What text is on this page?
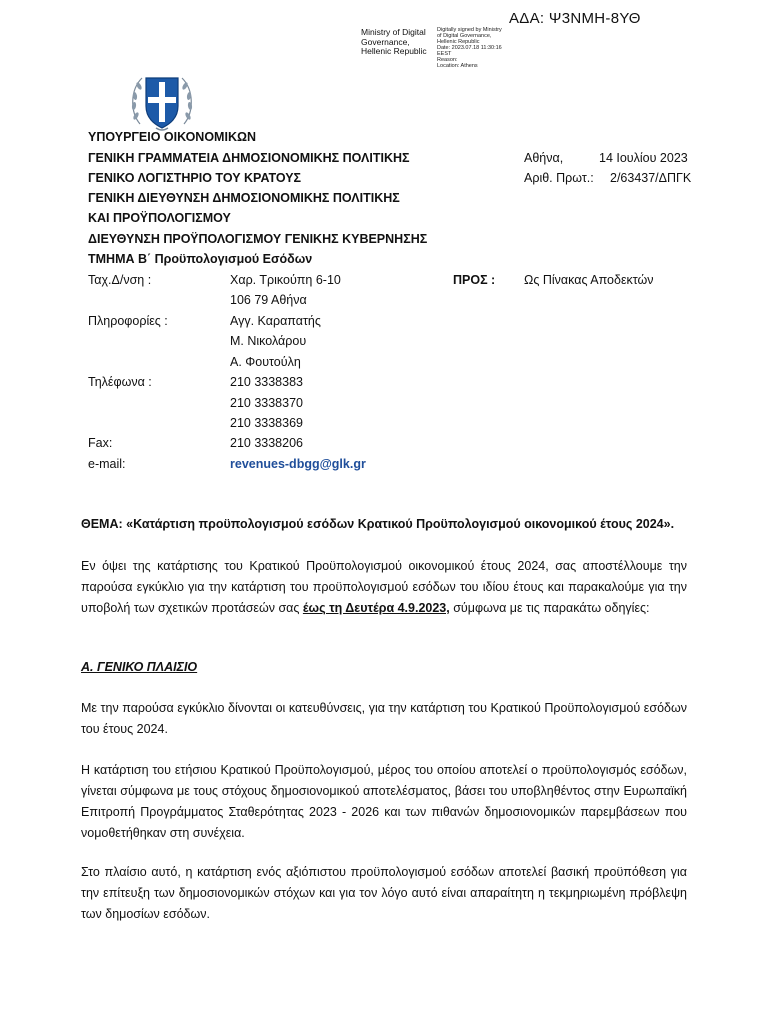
ΑΔΑ: Ψ3ΝΜΗ-8ΥΘ
Ministry of Digital
Governance,
Hellenic Republic
Digitally signed by Ministry
of Digital Governance,
Hellenic Republic
Date: 2023.07.18 11:30:16
EEST
Reason:
Location: Athens
ΥΠΟΥΡΓΕΙΟ ΟΙΚΟΝΟΜΙΚΩΝ
ΓΕΝΙΚΗ ΓΡΑΜΜΑΤΕΙΑ ΔΗΜΟΣΙΟΝΟΜΙΚΗΣ ΠΟΛΙΤΙΚΗΣ
ΓΕΝΙΚΟ ΛΟΓΙΣΤΗΡΙΟ ΤΟΥ ΚΡΑΤΟΥΣ
ΓΕΝΙΚΗ ΔΙΕΥΘΥΝΣΗ ΔΗΜΟΣΙΟΝΟΜΙΚΗΣ ΠΟΛΙΤΙΚΗΣ
ΚΑΙ ΠΡΟΫΠΟΛΟΓΙΣΜΟΥ
ΔΙΕΥΘΥΝΣΗ ΠΡΟΫΠΟΛΟΓΙΣΜΟΥ ΓΕΝΙΚΗΣ ΚΥΒΕΡΝΗΣΗΣ
ΤΜΗΜΑ Β΄ Προϋπολογισμού Εσόδων
Αθήνα,	14 Ιουλίου 2023
Αριθ. Πρωτ.: 2/63437/ΔΠΓΚ
Ταχ.Δ/νση :	Χαρ. Τρικούπη 6-10
106 79 Αθήνα
ΠΡΟΣ : Ως Πίνακας Αποδεκτών
Πληροφορίες :	Αγγ. Καραπατής
Μ. Νικολάρου
Α. Φουτούλη
Τηλέφωνα :	210 3338383
210 3338370
210 3338369
Fax:	210 3338206
e-mail:	revenues-dbgg@glk.gr
ΘΕΜΑ: «Κατάρτιση προϋπολογισμού εσόδων Κρατικού Προϋπολογισμού οικονομικού έτους 2024».
Εν όψει της κατάρτισης του Κρατικού Προϋπολογισμού οικονομικού έτους 2024, σας αποστέλλουμε την παρούσα εγκύκλιο για την κατάρτιση του προϋπολογισμού εσόδων του ιδίου έτους και παρακαλούμε για την υποβολή των σχετικών προτάσεών σας έως τη Δευτέρα 4.9.2023, σύμφωνα με τις παρακάτω οδηγίες:
Α. ΓΕΝΙΚΟ ΠΛΑΙΣΙΟ
Με την παρούσα εγκύκλιο δίνονται οι κατευθύνσεις, για την κατάρτιση του Κρατικού Προϋπολογισμού εσόδων του έτους 2024.
Η κατάρτιση του ετήσιου Κρατικού Προϋπολογισμού, μέρος του οποίου αποτελεί ο προϋπολογισμός εσόδων, γίνεται σύμφωνα με τους στόχους δημοσιονομικού αποτελέσματος, βάσει του υποβληθέντος στην Ευρωπαϊκή Επιτροπή Προγράμματος Σταθερότητας 2023 - 2026 και των πιθανών δημοσιονομικών παρεμβάσεων που νομοθετήθηκαν στη συνέχεια.
Στο πλαίσιο αυτό, η κατάρτιση ενός αξιόπιστου προϋπολογισμού εσόδων αποτελεί βασική προϋπόθεση για την επίτευξη των δημοσιονομικών στόχων και για τον λόγο αυτό είναι απαραίτητη η τεκμηριωμένη πρόβλεψη των δημοσίων εσόδων.
